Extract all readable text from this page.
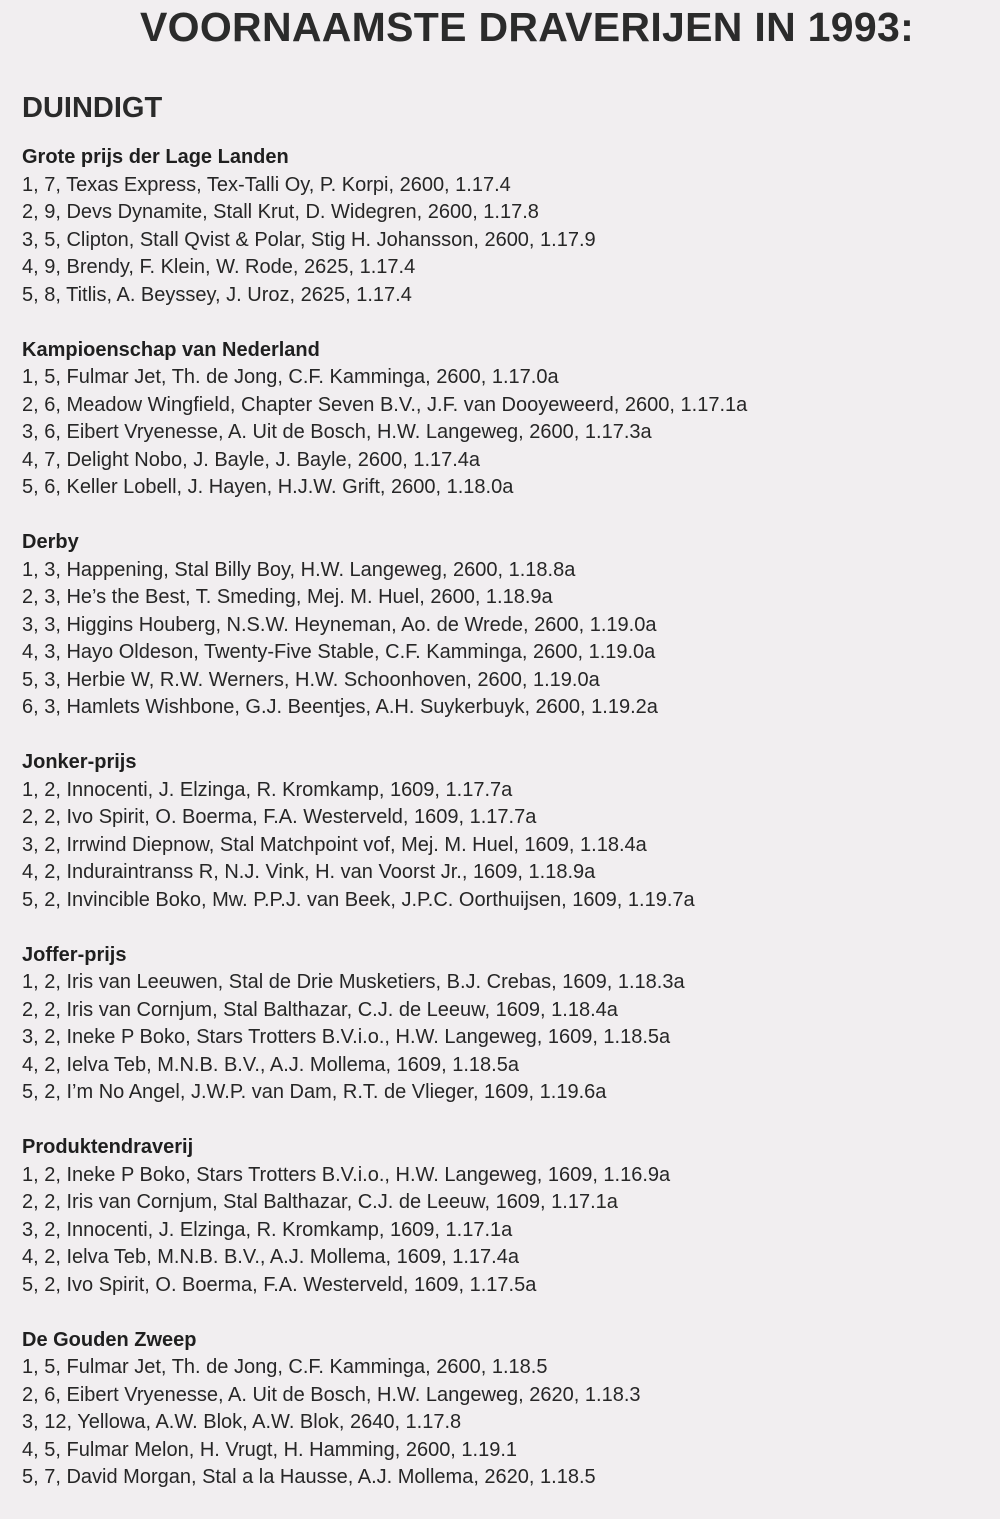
VOORNAAMSTE DRAVERIJEN IN 1993:
DUINDIGT
Grote prijs der Lage Landen
1, 7, Texas Express, Tex-Talli Oy, P. Korpi, 2600, 1.17.4
2, 9, Devs Dynamite, Stall Krut, D. Widegren, 2600, 1.17.8
3, 5, Clipton, Stall Qvist & Polar, Stig H. Johansson, 2600, 1.17.9
4, 9, Brendy, F. Klein, W. Rode, 2625, 1.17.4
5, 8, Titlis, A. Beyssey, J. Uroz, 2625, 1.17.4
Kampioenschap van Nederland
1, 5, Fulmar Jet, Th. de Jong, C.F. Kamminga, 2600, 1.17.0a
2, 6, Meadow Wingfield, Chapter Seven B.V., J.F. van Dooyeweerd, 2600, 1.17.1a
3, 6, Eibert Vryenesse, A. Uit de Bosch, H.W. Langeweg, 2600, 1.17.3a
4, 7, Delight Nobo, J. Bayle, J. Bayle, 2600, 1.17.4a
5, 6, Keller Lobell, J. Hayen, H.J.W. Grift, 2600, 1.18.0a
Derby
1, 3, Happening, Stal Billy Boy, H.W. Langeweg, 2600, 1.18.8a
2, 3, He’s the Best, T. Smeding, Mej. M. Huel, 2600, 1.18.9a
3, 3, Higgins Houberg, N.S.W. Heyneman, Ao. de Wrede, 2600, 1.19.0a
4, 3, Hayo Oldeson, Twenty-Five Stable, C.F. Kamminga, 2600, 1.19.0a
5, 3, Herbie W, R.W. Werners, H.W. Schoonhoven, 2600, 1.19.0a
6, 3, Hamlets Wishbone, G.J. Beentjes, A.H. Suykerbuyk, 2600, 1.19.2a
Jonker-prijs
1, 2, Innocenti, J. Elzinga, R. Kromkamp, 1609, 1.17.7a
2, 2, Ivo Spirit, O. Boerma, F.A. Westerveld, 1609, 1.17.7a
3, 2, Irrwind Diepnow, Stal Matchpoint vof, Mej. M. Huel, 1609, 1.18.4a
4, 2, Induraintranss R, N.J. Vink, H. van Voorst Jr., 1609, 1.18.9a
5, 2, Invincible Boko, Mw. P.P.J. van Beek, J.P.C. Oorthuijsen, 1609, 1.19.7a
Joffer-prijs
1, 2, Iris van Leeuwen, Stal de Drie Musketiers, B.J. Crebas, 1609, 1.18.3a
2, 2, Iris van Cornjum, Stal Balthazar, C.J. de Leeuw, 1609, 1.18.4a
3, 2, Ineke P Boko, Stars Trotters B.V.i.o., H.W. Langeweg, 1609, 1.18.5a
4, 2, Ielva Teb, M.N.B. B.V., A.J. Mollema, 1609, 1.18.5a
5, 2, I’m No Angel, J.W.P. van Dam, R.T. de Vlieger, 1609, 1.19.6a
Produktendraverij
1, 2, Ineke P Boko, Stars Trotters B.V.i.o., H.W. Langeweg, 1609, 1.16.9a
2, 2, Iris van Cornjum, Stal Balthazar, C.J. de Leeuw, 1609, 1.17.1a
3, 2, Innocenti, J. Elzinga, R. Kromkamp, 1609, 1.17.1a
4, 2, Ielva Teb, M.N.B. B.V., A.J. Mollema, 1609, 1.17.4a
5, 2, Ivo Spirit, O. Boerma, F.A. Westerveld, 1609, 1.17.5a
De Gouden Zweep
1, 5, Fulmar Jet, Th. de Jong, C.F. Kamminga, 2600, 1.18.5
2, 6, Eibert Vryenesse, A. Uit de Bosch, H.W. Langeweg, 2620, 1.18.3
3, 12, Yellowa, A.W. Blok, A.W. Blok, 2640, 1.17.8
4, 5, Fulmar Melon, H. Vrugt, H. Hamming, 2600, 1.19.1
5, 7, David Morgan, Stal a la Hausse, A.J. Mollema, 2620, 1.18.5
